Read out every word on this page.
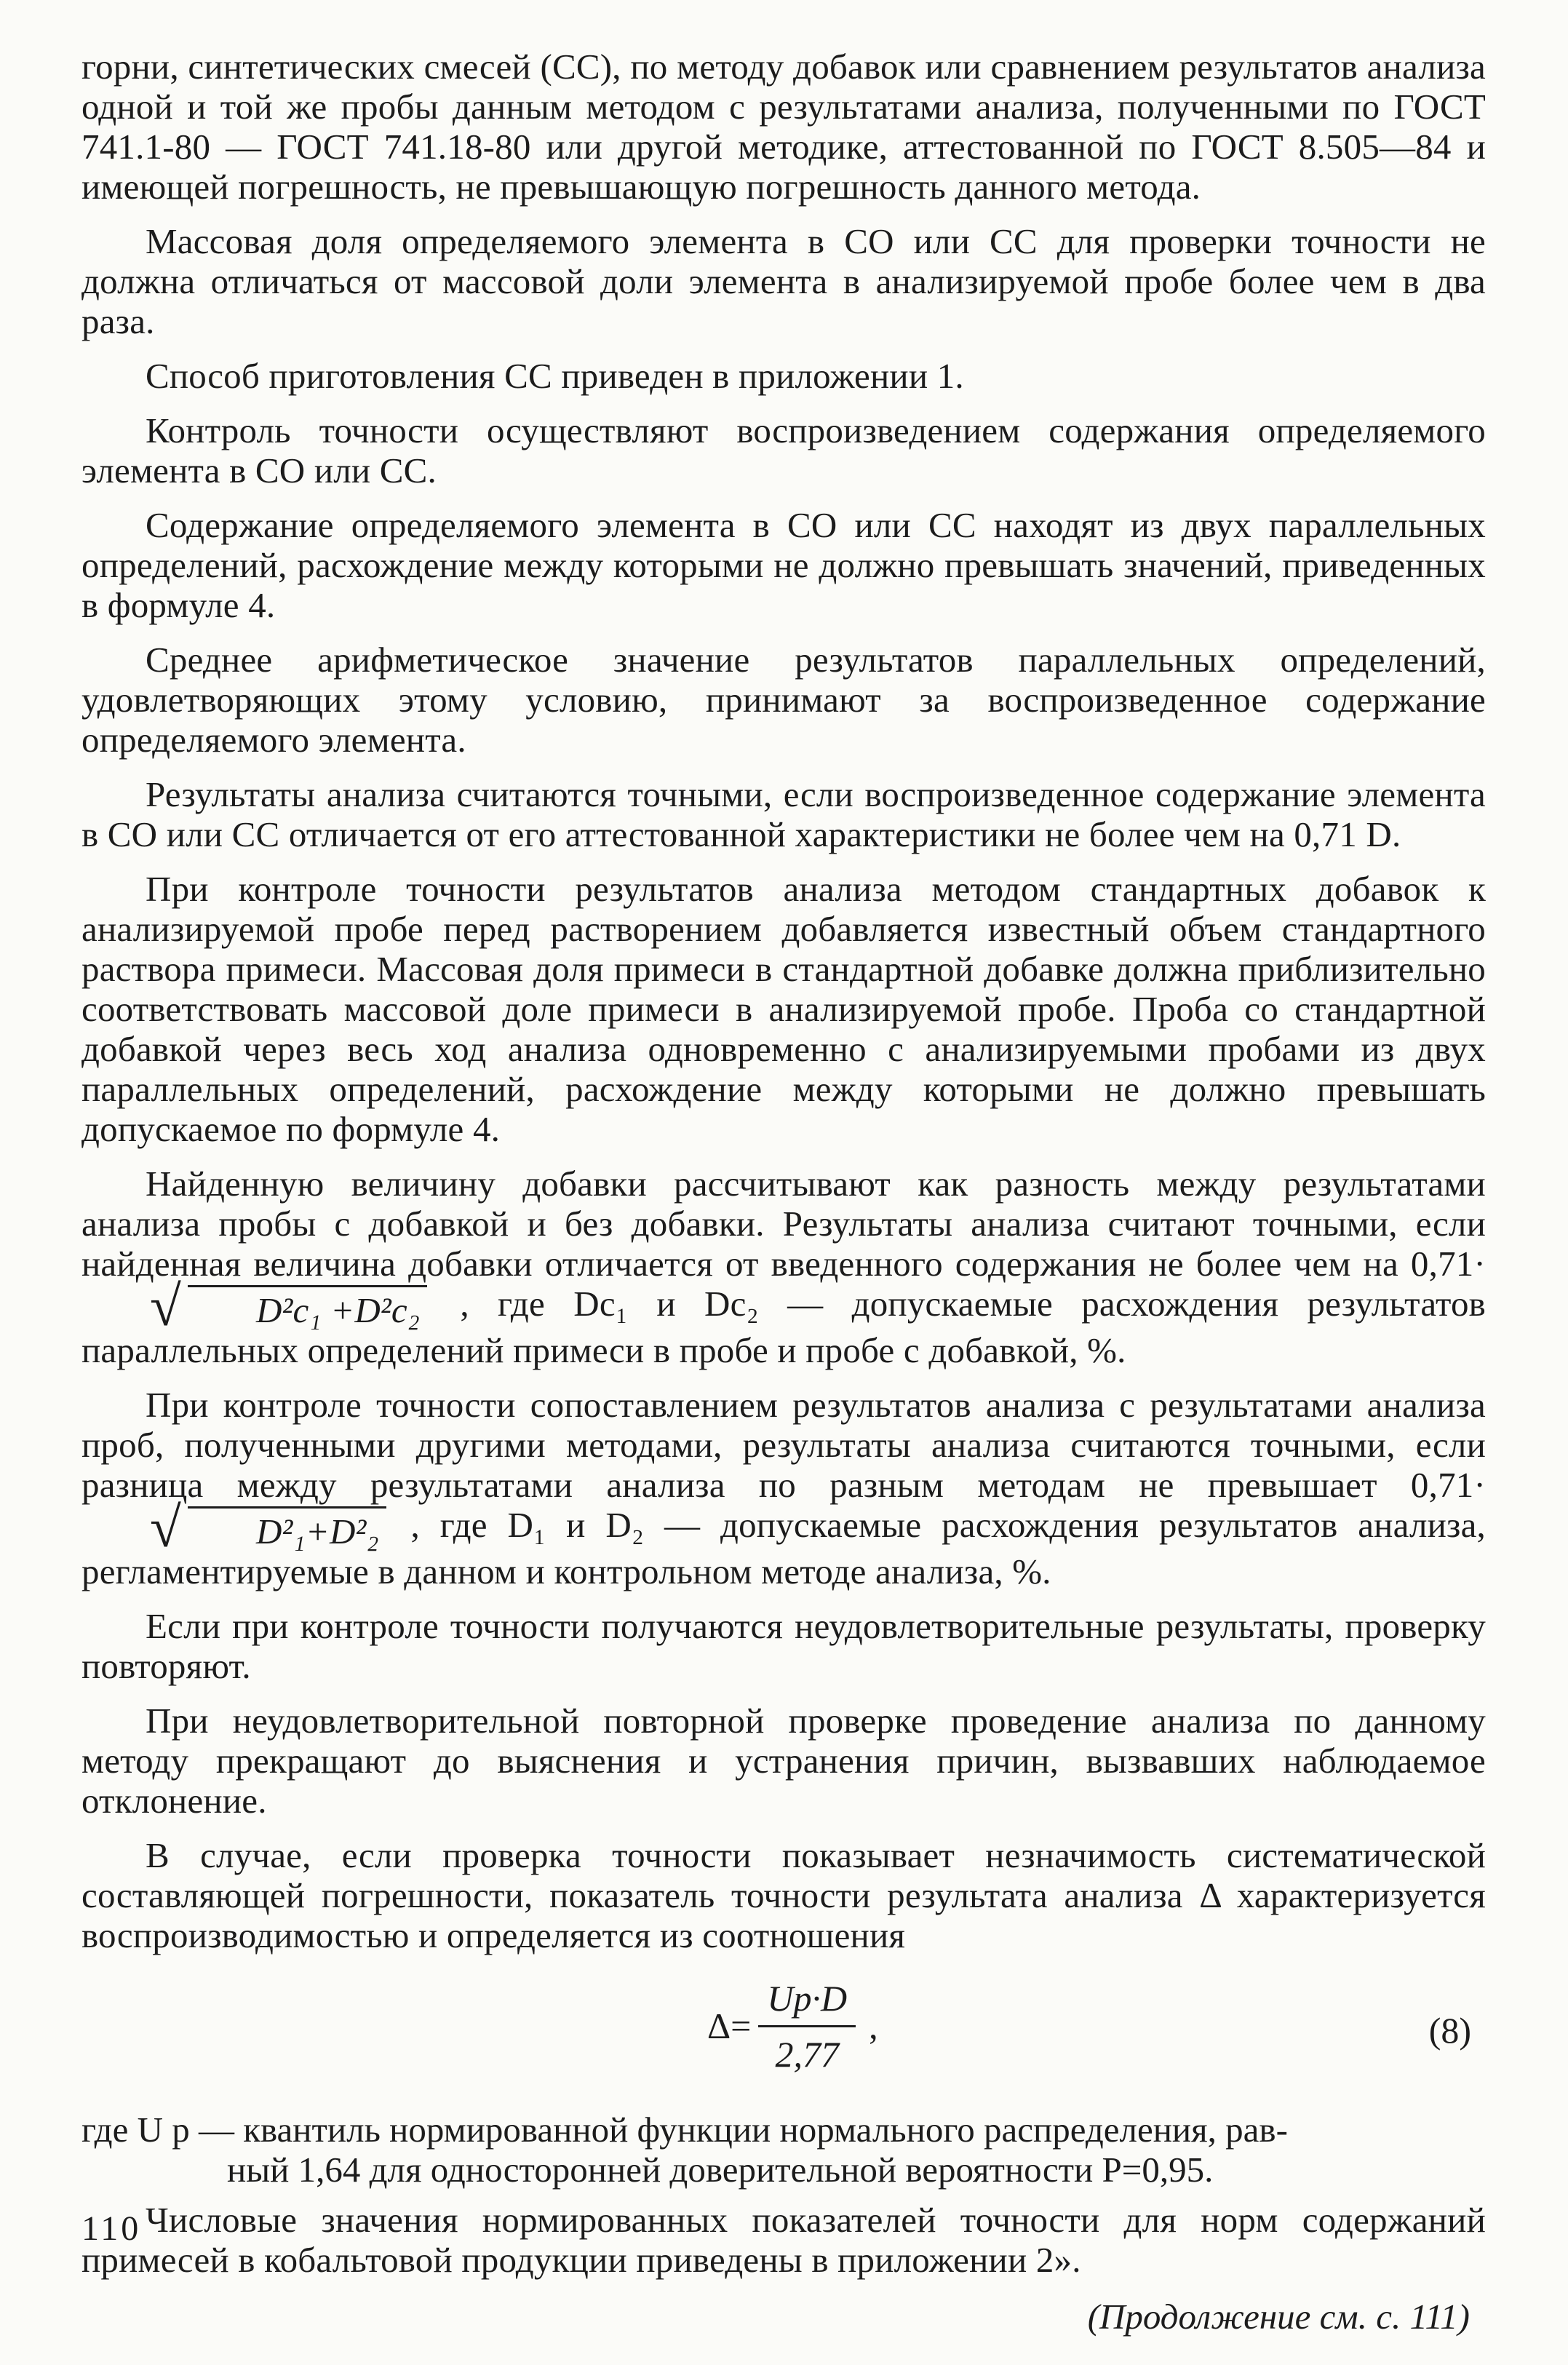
горни, синтетических смесей (СС), по методу добавок или сравнением результатов анализа одной и той же пробы данным методом с результатами анализа, полученными по ГОСТ 741.1-80 — ГОСТ 741.18-80 или другой методике, аттестованной по ГОСТ 8.505—84 и имеющей погрешность, не превышающую погрешность данного метода.

Массовая доля определяемого элемента в СО или СС для проверки точности не должна отличаться от массовой доли элемента в анализируемой пробе более чем в два раза.

Способ приготовления СС приведен в приложении 1.

Контроль точности осуществляют воспроизведением содержания определяемого элемента в СО или СС.

Содержание определяемого элемента в СО или СС находят из двух параллельных определений, расхождение между которыми не должно превышать значений, приведенных в формуле 4.

Среднее арифметическое значение результатов параллельных определений, удовлетворяющих этому условию, принимают за воспроизведенное содержание определяемого элемента.

Результаты анализа считаются точными, если воспроизведенное содержание элемента в СО или СС отличается от его аттестованной характеристики не более чем на 0,71 D.

При контроле точности результатов анализа методом стандартных добавок к анализируемой пробе перед растворением добавляется известный объем стандартного раствора примеси. Массовая доля примеси в стандартной добавке должна приблизительно соответствовать массовой доле примеси в анализируемой пробе. Проба со стандартной добавкой через весь ход анализа одновременно с анализируемыми пробами из двух параллельных определений, расхождение между которыми не должно превышать допускаемое по формуле 4.

Найденную величину добавки рассчитывают как разность между результатами анализа пробы с добавкой и без добавки. Результаты анализа считают точными, если найденная величина добавки отличается от введенного содержания не более чем на 0,71·
√ D²c₁ +D²c₂ , где Dc₁ и Dc₂ — допускаемые расхождения результатов параллельных определений примеси в пробе и пробе с добавкой, %.

При контроле точности сопоставлением результатов анализа с результатами анализа проб, полученными другими методами, результаты анализа считаются точными, если разница между результатами анализа по разным методам не превышает 0,71·
√ D²₁+D²₂ , где D₁ и D₂ — допускаемые расхождения результатов анализа, регламентируемые в данном и контрольном методе анализа, %.

Если при контроле точности получаются неудовлетворительные результаты, проверку повторяют.

При неудовлетворительной повторной проверке проведение анализа по данному методу прекращают до выяснения и устранения причин, вызвавших наблюдаемое отклонение.

В случае, если проверка точности показывает незначимость систематической составляющей погрешности, показатель точности результата анализа Δ характеризуется воспроизводимостью и определяется из соотношения

$\Delta= \frac{Uр\cdot D}{2,77}$ ,	(8)
где U р — квантиль нормированной функции нормального распределения, рав-
ный 1,64 для односторонней доверительной вероятности P=0,95.

Числовые значения нормированных показателей точности для норм содержаний примесей в кобальтовой продукции приведены в приложении 2».

(Продолжение см. с. 111)
110
